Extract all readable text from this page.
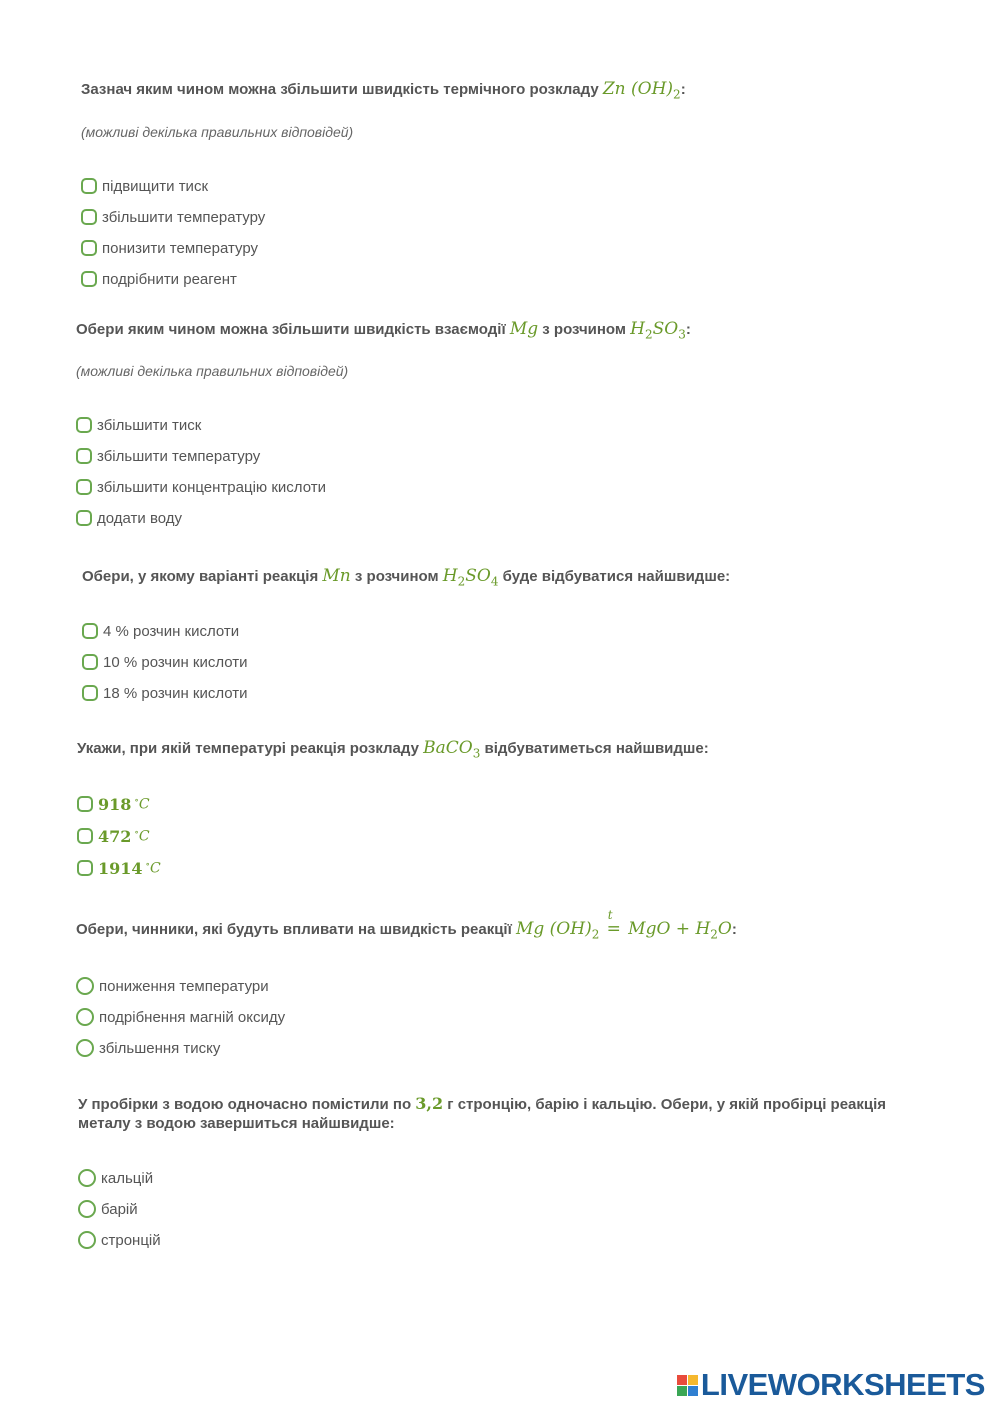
Зазнач яким чином можна збільшити швидкість термічного розкладу Zn $(OH)_2$:
(можливі декілька правильних відповідей)
підвищити тиск
збільшити температуру
понизити температуру
подрібнити реагент
Обери яким чином можна збільшити швидкість взаємодії Mg з розчином $H_2SO_3$:
(можливі декілька правильних відповідей)
збільшити тиск
збільшити температуру
збільшити концентрацію кислоти
додати воду
Обери, у якому варіанті реакція Mn з розчином $H_2SO_4$ буде відбуватися найшвидше:
4 % розчин кислоти
10 % розчин кислоти
18 % розчин кислоти
Укажи, при якій температурі реакція розкладу BaCO$_3$ відбуватиметься найшвидше:
918 ∘C
472 ∘C
1914 ∘C
Обери, чинники, які будуть впливати на швидкість реакції Mg $(OH)_2$
t
= MgO + $H_2O$:
пониження температури
подрібнення магній оксиду
збільшення тиску
У пробірки з водою одночасно помістили по 3,2 г стронцію, барію і кальцію. Обери, у якій пробірці реакція
металу з водою завершиться найшвидше:
кальцій
барій
стронцій
LIVEWORKSHEETS
